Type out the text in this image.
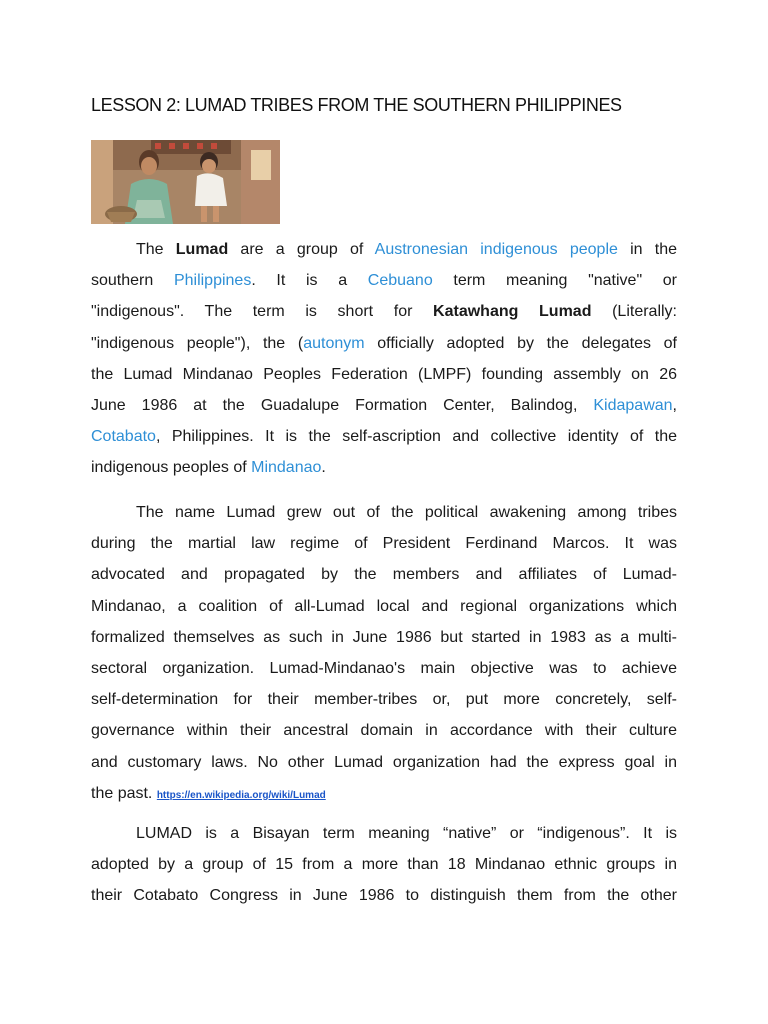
LESSON 2: LUMAD TRIBES FROM THE SOUTHERN PHILIPPINES
The Lumad are a group of Austronesian indigenous people in the
southern Philippines. It is a Cebuano term meaning "native" or
"indigenous". The term is short for Katawhang Lumad (Literally:
"indigenous people"), the (autonym officially adopted by the delegates of
the Lumad Mindanao Peoples Federation (LMPF) founding assembly on 26
June 1986 at the Guadalupe Formation Center, Balindog, Kidapawan,
Cotabato, Philippines. It is the self-ascription and collective identity of the
indigenous peoples of Mindanao.
The name Lumad grew out of the political awakening among tribes
during the martial law regime of President Ferdinand Marcos. It was
advocated and propagated by the members and affiliates of Lumad-
Mindanao, a coalition of all-Lumad local and regional organizations which
formalized themselves as such in June 1986 but started in 1983 as a multi-
sectoral organization. Lumad-Mindanao's main objective was to achieve
self-determination for their member-tribes or, put more concretely, self-
governance within their ancestral domain in accordance with their culture
and customary laws. No other Lumad organization had the express goal in
the past. https://en.wikipedia.org/wiki/Lumad
LUMAD is a Bisayan term meaning “native” or “indigenous”. It is
adopted by a group of 15 from a more than 18 Mindanao ethnic groups in
their Cotabato Congress in June 1986 to distinguish them from the other
